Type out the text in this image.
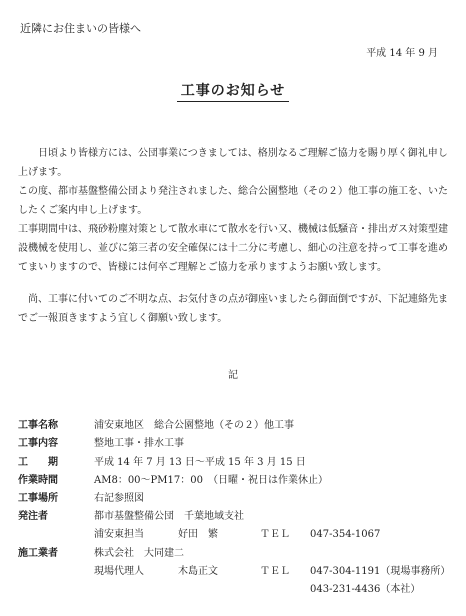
近隣にお住まいの皆様へ
平成 14 年 9 月
工事のお知らせ
日頃より皆様方には、公団事業につきましては、格別なるご理解ご協力を賜り厚く御礼申し上げます。
この度、都市基盤整備公団より発注されました、総合公園整地（その２）他工事の施工を、いたしたくご案内申し上げます。
工事期間中は、飛砂粉塵対策として散水車にて散水を行い又、機械は低騒音・排出ガス対策型建設機械を使用し、並びに第三者の安全確保には十二分に考慮し、細心の注意を持って工事を進めてまいりますので、皆様には何卒ご理解とご協力を承りますようお願い致します。
尚、工事に付いてのご不明な点、お気付きの点が御座いましたら御面倒ですが、下記連絡先までご一報頂きますよう宜しく御願い致します。
記
工事名称	浦安東地区　総合公園整地（その２）他工事
工事内容	整地工事・排水工事
工期 平成 14 年 7 月 13 日～平成 15 年 3 月 15 日
作業時間	AM8：00～PM17：00　（日曜・祝日は作業休止）
工事場所	右記参照図
発注者	都市基盤整備公団　千葉地域支社
浦安東担当	好田　繁	ＴＥＬ 047-354-1067
施工業者	株式会社　大同建二
現場代理人	木島正文	ＴＥＬ 047-304-1191（現場事務所）
043-231-4436（本社）
